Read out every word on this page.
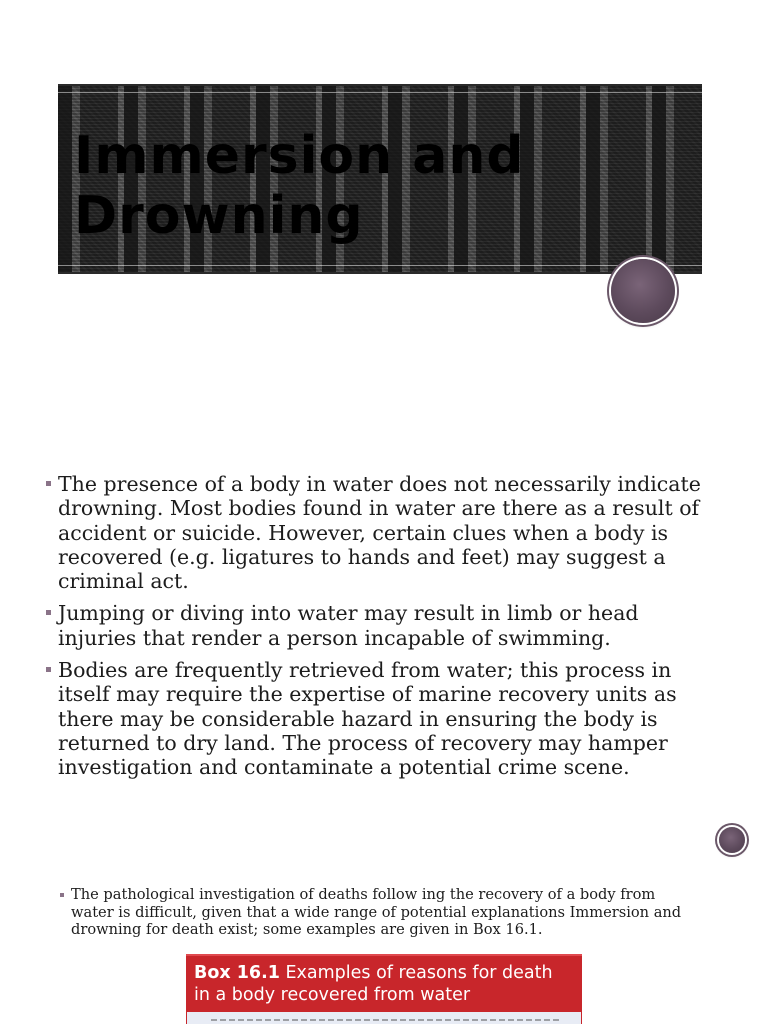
Immersion and Drowning
The presence of a body in water does not necessarily indicate drowning. Most bodies found in water are there as a result of accident or suicide. However, certain clues when a body is recovered (e.g. ligatures to hands and feet) may suggest a criminal act.
Jumping or diving into water may result in limb or head injuries that render a person incapable of swimming.
Bodies are frequently retrieved from water; this process in itself may require the expertise of marine recovery units as there may be considerable hazard in ensuring the body is returned to dry land. The process of recovery may hamper investigation and contaminate a potential crime scene.
The pathological investigation of deaths follow ing the recovery of a body from water is difficult, given that a wide range of potential explanations Immersion and drowning for death exist; some examples are given in Box 16.1.
Box 16.1 Examples of reasons for death in a body recovered from water
